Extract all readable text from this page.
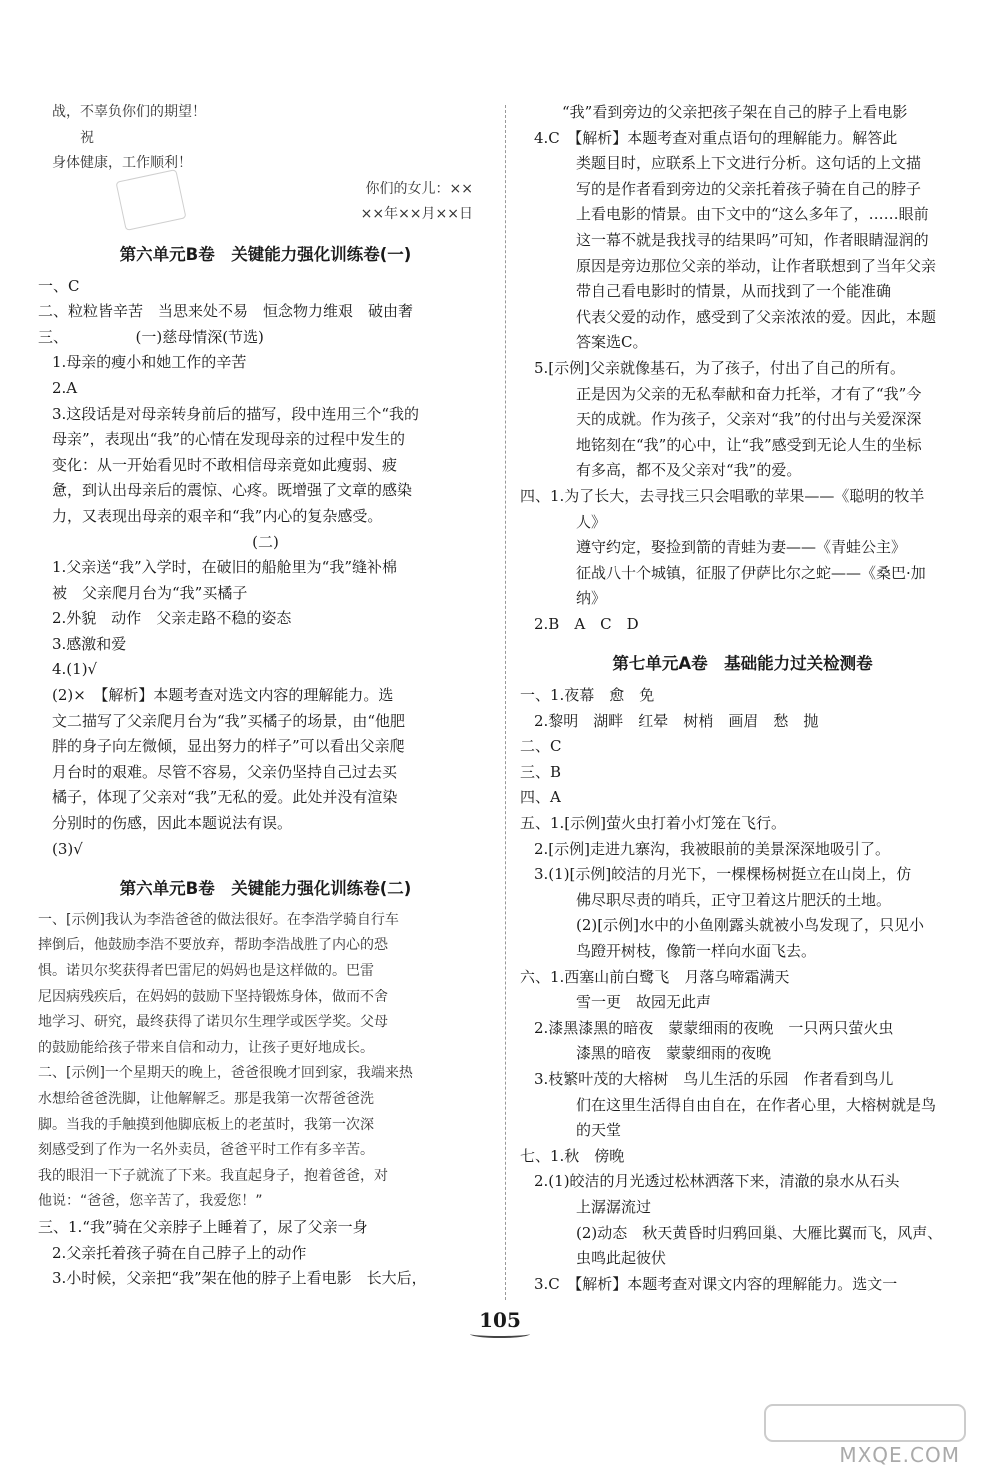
战，不辜负你们的期望！
祝
身体健康，工作顺利！
你们的女儿：××
××年××月××日
第六单元B卷　关键能力强化训练卷(一)
一、C
二、粒粒皆辛苦　当思来处不易　恒念物力维艰　破由奢
三、　　　　　(一)慈母情深(节选)
1.母亲的瘦小和她工作的辛苦
2.A
3.这段话是对母亲转身前后的描写，段中连用三个“我的
母亲”，表现出“我”的心情在发现母亲的过程中发生的
变化：从一开始看见时不敢相信母亲竟如此瘦弱、疲
惫，到认出母亲后的震惊、心疼。既增强了文章的感染
力，又表现出母亲的艰辛和“我”内心的复杂感受。
(二)
1.父亲送“我”入学时，在破旧的船舱里为“我”缝补棉
被　父亲爬月台为“我”买橘子
2.外貌　动作　父亲走路不稳的姿态
3.感激和爱
4.(1)√
(2)×　【解析】本题考查对选文内容的理解能力。选
文二描写了父亲爬月台为“我”买橘子的场景，由“他肥
胖的身子向左微倾，显出努力的样子”可以看出父亲爬
月台时的艰难。尽管不容易，父亲仍坚持自己过去买
橘子，体现了父亲对“我”无私的爱。此处并没有渲染
分别时的伤感，因此本题说法有误。
(3)√
第六单元B卷　关键能力强化训练卷(二)
一、[示例]我认为李浩爸爸的做法很好。在李浩学骑自行车
摔倒后，他鼓励李浩不要放弃，帮助李浩战胜了内心的恐
惧。诺贝尔奖获得者巴雷尼的妈妈也是这样做的。巴雷
尼因病残疾后，在妈妈的鼓励下坚持锻炼身体，做而不舍
地学习、研究，最终获得了诺贝尔生理学或医学奖。父母
的鼓励能给孩子带来自信和动力，让孩子更好地成长。
二、[示例]一个星期天的晚上，爸爸很晚才回到家，我端来热
水想给爸爸洗脚，让他解解乏。那是我第一次帮爸爸洗
脚。当我的手触摸到他脚底板上的老茧时，我第一次深
刻感受到了作为一名外卖员，爸爸平时工作有多辛苦。
我的眼泪一下子就流了下来。我直起身子，抱着爸爸，对
他说：“爸爸，您辛苦了，我爱您！”
三、1.“我”骑在父亲脖子上睡着了，尿了父亲一身
2.父亲托着孩子骑在自己脖子上的动作
3.小时候，父亲把“我”架在他的脖子上看电影　长大后，
“我”看到旁边的父亲把孩子架在自己的脖子上看电影
4.C　【解析】本题考查对重点语句的理解能力。解答此
类题目时，应联系上下文进行分析。这句话的上文描
写的是作者看到旁边的父亲托着孩子骑在自己的脖子
上看电影的情景。由下文中的“这么多年了，……眼前
这一幕不就是我找寻的结果吗”可知，作者眼睛湿润的
原因是旁边那位父亲的举动，让作者联想到了当年父亲
带自己看电影时的情景，从而找到了一个能准确
代表父爱的动作，感受到了父亲浓浓的爱。因此，本题
答案选C。
5.[示例]父亲就像基石，为了孩子，付出了自己的所有。
正是因为父亲的无私奉献和奋力托举，才有了“我”今
天的成就。作为孩子，父亲对“我”的付出与关爱深深
地铭刻在“我”的心中，让“我”感受到无论人生的坐标
有多高，都不及父亲对“我”的爱。
四、1.为了长大，去寻找三只会唱歌的苹果——《聪明的牧羊
人》
遵守约定，娶捡到箭的青蛙为妻——《青蛙公主》
征战八十个城镇，征服了伊萨比尔之蛇——《桑巴·加
纳》
2.B　A　C　D
第七单元A卷　基础能力过关检测卷
一、1.夜幕　愈　免
2.黎明　湖畔　红晕　树梢　画眉　愁　抛
二、C
三、B
四、A
五、1.[示例]萤火虫打着小灯笼在飞行。
2.[示例]走进九寨沟，我被眼前的美景深深地吸引了。
3.(1)[示例]皎洁的月光下，一棵棵杨树挺立在山岗上，仿
佛尽职尽责的哨兵，正守卫着这片肥沃的土地。
(2)[示例]水中的小鱼刚露头就被小鸟发现了，只见小
鸟蹬开树枝，像箭一样向水面飞去。
六、1.西塞山前白鹭飞　月落乌啼霜满天
雪一更　故园无此声
2.漆黑漆黑的暗夜　蒙蒙细雨的夜晚　一只两只萤火虫
漆黑的暗夜　蒙蒙细雨的夜晚
3.枝繁叶茂的大榕树　鸟儿生活的乐园　作者看到鸟儿
们在这里生活得自由自在，在作者心里，大榕树就是鸟
的天堂
七、1.秋　傍晚
2.(1)皎洁的月光透过松林洒落下来，清澈的泉水从石头
上潺潺流过
(2)动态　秋天黄昏时归鸦回巢、大雁比翼而飞，风声、
虫鸣此起彼伏
3.C　【解析】本题考查对课文内容的理解能力。选文一
105
MXQE.COM
